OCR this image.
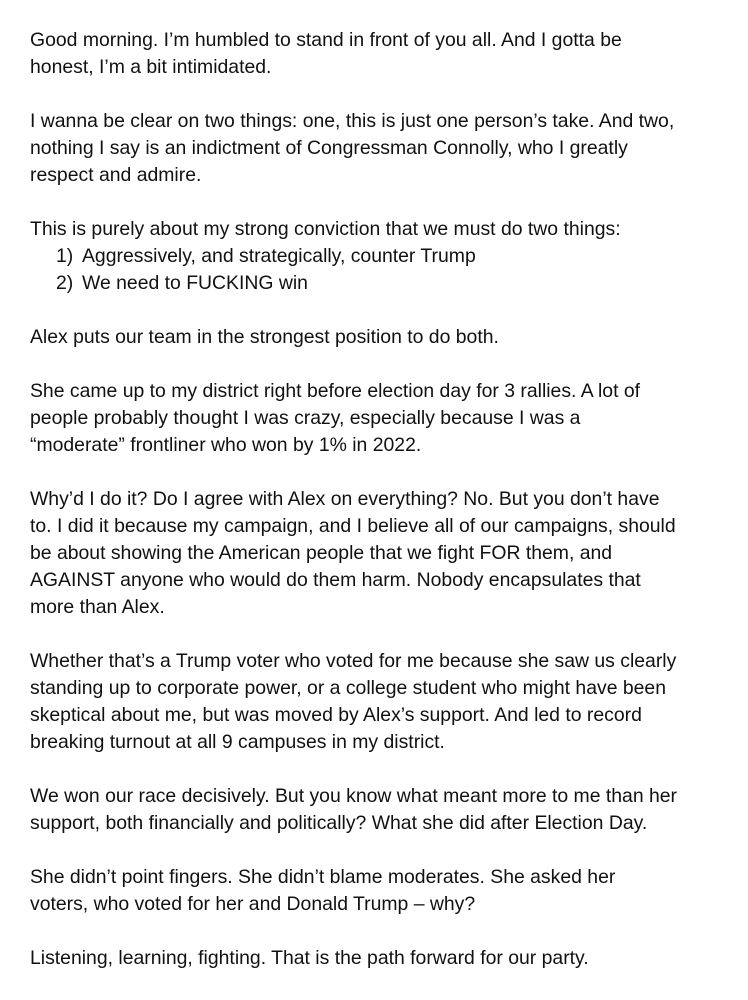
Good morning. I’m humbled to stand in front of you all. And I gotta be
honest, I’m a bit intimidated.

I wanna be clear on two things: one, this is just one person’s take. And two,
nothing I say is an indictment of Congressman Connolly, who I greatly
respect and admire.

This is purely about my strong conviction that we must do two things:

1) Aggressively, and strategically, counter Trump
2) We need to FUCKING win

Alex puts our team in the strongest position to do both.

She came up to my district right before election day for 3 rallies. A lot of
people probably thought I was crazy, especially because I was a
“moderate” frontliner who won by 1% in 2022.

Why’d I do it? Do I agree with Alex on everything? No. But you don’t have
to. I did it because my campaign, and I believe all of our campaigns, should
be about showing the American people that we fight FOR them, and
AGAINST anyone who would do them harm. Nobody encapsulates that
more than Alex.

Whether that’s a Trump voter who voted for me because she saw us clearly
standing up to corporate power, or a college student who might have been
skeptical about me, but was moved by Alex’s support. And led to record
breaking turnout at all 9 campuses in my district.

We won our race decisively. But you know what meant more to me than her
support, both financially and politically? What she did after Election Day.

She didn’t point fingers. She didn’t blame moderates. She asked her
voters, who voted for her and Donald Trump – why?

Listening, learning, fighting. That is the path forward for our party.
